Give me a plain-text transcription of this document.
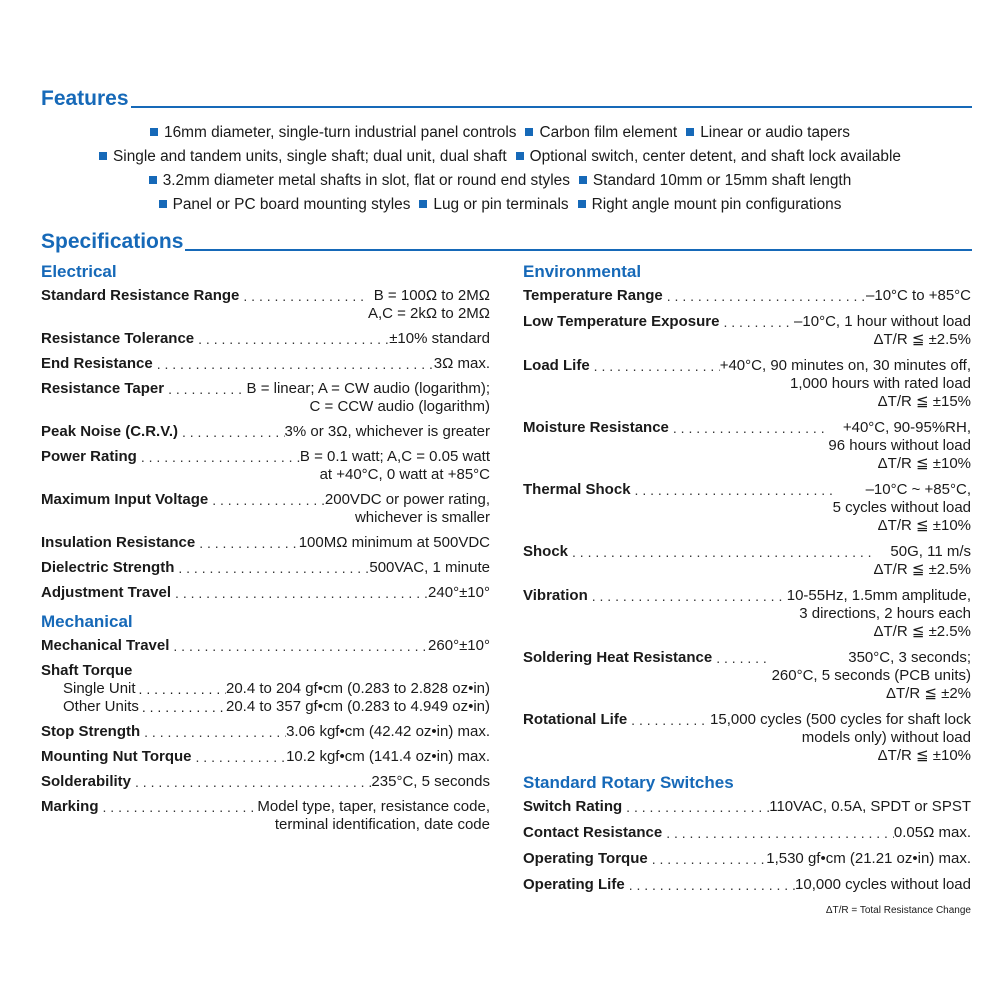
Features
16mm diameter, single-turn industrial panel controls Carbon film element Linear or audio tapers
Single and tandem units, single shaft; dual unit, dual shaft Optional switch, center detent, and shaft lock available
3.2mm diameter metal shafts in slot, flat or round end styles Standard 10mm or 15mm shaft length
Panel or PC board mounting styles Lug or pin terminals Right angle mount pin configurations
Specifications
Electrical
Standard Resistance Range . . .	B = 100Ω to 2MΩ
A,C = 2kΩ to 2MΩ
Resistance Tolerance . . .	±10% standard
End Resistance . . .	3Ω max.
Resistance Taper . . .	B = linear; A = CW audio (logarithm);
C = CCW audio (logarithm)
Peak Noise (C.R.V.) . . .	3% or 3Ω, whichever is greater
Power Rating . . .	B = 0.1 watt; A,C = 0.05 watt
at +40°C, 0 watt at +85°C
Maximum Input Voltage . . .	200VDC or power rating,
whichever is smaller
Insulation Resistance . . .	100MΩ minimum at 500VDC
Dielectric Strength . . .	500VAC, 1 minute
Adjustment Travel . . .	240°±10°
Mechanical
Mechanical Travel . . .	260°±10°
Shaft Torque
Single Unit . . .	20.4 to 204 gf•cm (0.283 to 2.828 oz•in)
Other Units . . .	20.4 to 357 gf•cm (0.283 to 4.949 oz•in)
Stop Strength . . .	3.06 kgf•cm (42.42 oz•in) max.
Mounting Nut Torque . . .	10.2 kgf•cm (141.4 oz•in) max.
Solderability . . .	235°C, 5 seconds
Marking . . .	Model type, taper, resistance code,
terminal identification, date code
Environmental
Temperature Range . . .	–10°C to +85°C
Low Temperature Exposure . . .	–10°C, 1 hour without load
ΔT/R ≦ ±2.5%
Load Life . . .	+40°C, 90 minutes on, 30 minutes off,
1,000 hours with rated load
ΔT/R ≦ ±15%
Moisture Resistance . . .	+40°C, 90-95%RH,
96 hours without load
ΔT/R ≦ ±10%
Thermal Shock . . .	–10°C ~ +85°C,
5 cycles without load
ΔT/R ≦ ±10%
Shock . . .	50G, 11 m/s
ΔT/R ≦ ±2.5%
Vibration . . .	10-55Hz, 1.5mm amplitude,
3 directions, 2 hours each
ΔT/R ≦ ±2.5%
Soldering Heat Resistance . . .	350°C, 3 seconds;
260°C, 5 seconds (PCB units)
ΔT/R ≦ ±2%
Rotational Life . . .	15,000 cycles (500 cycles for shaft lock
models only) without load
ΔT/R ≦ ±10%
Standard Rotary Switches
Switch Rating . . .	110VAC, 0.5A, SPDT or SPST
Contact Resistance . . .	0.05Ω max.
Operating Torque . . .	1,530 gf•cm (21.21 oz•in) max.
Operating Life . . .	10,000 cycles without load
ΔT/R = Total Resistance Change
